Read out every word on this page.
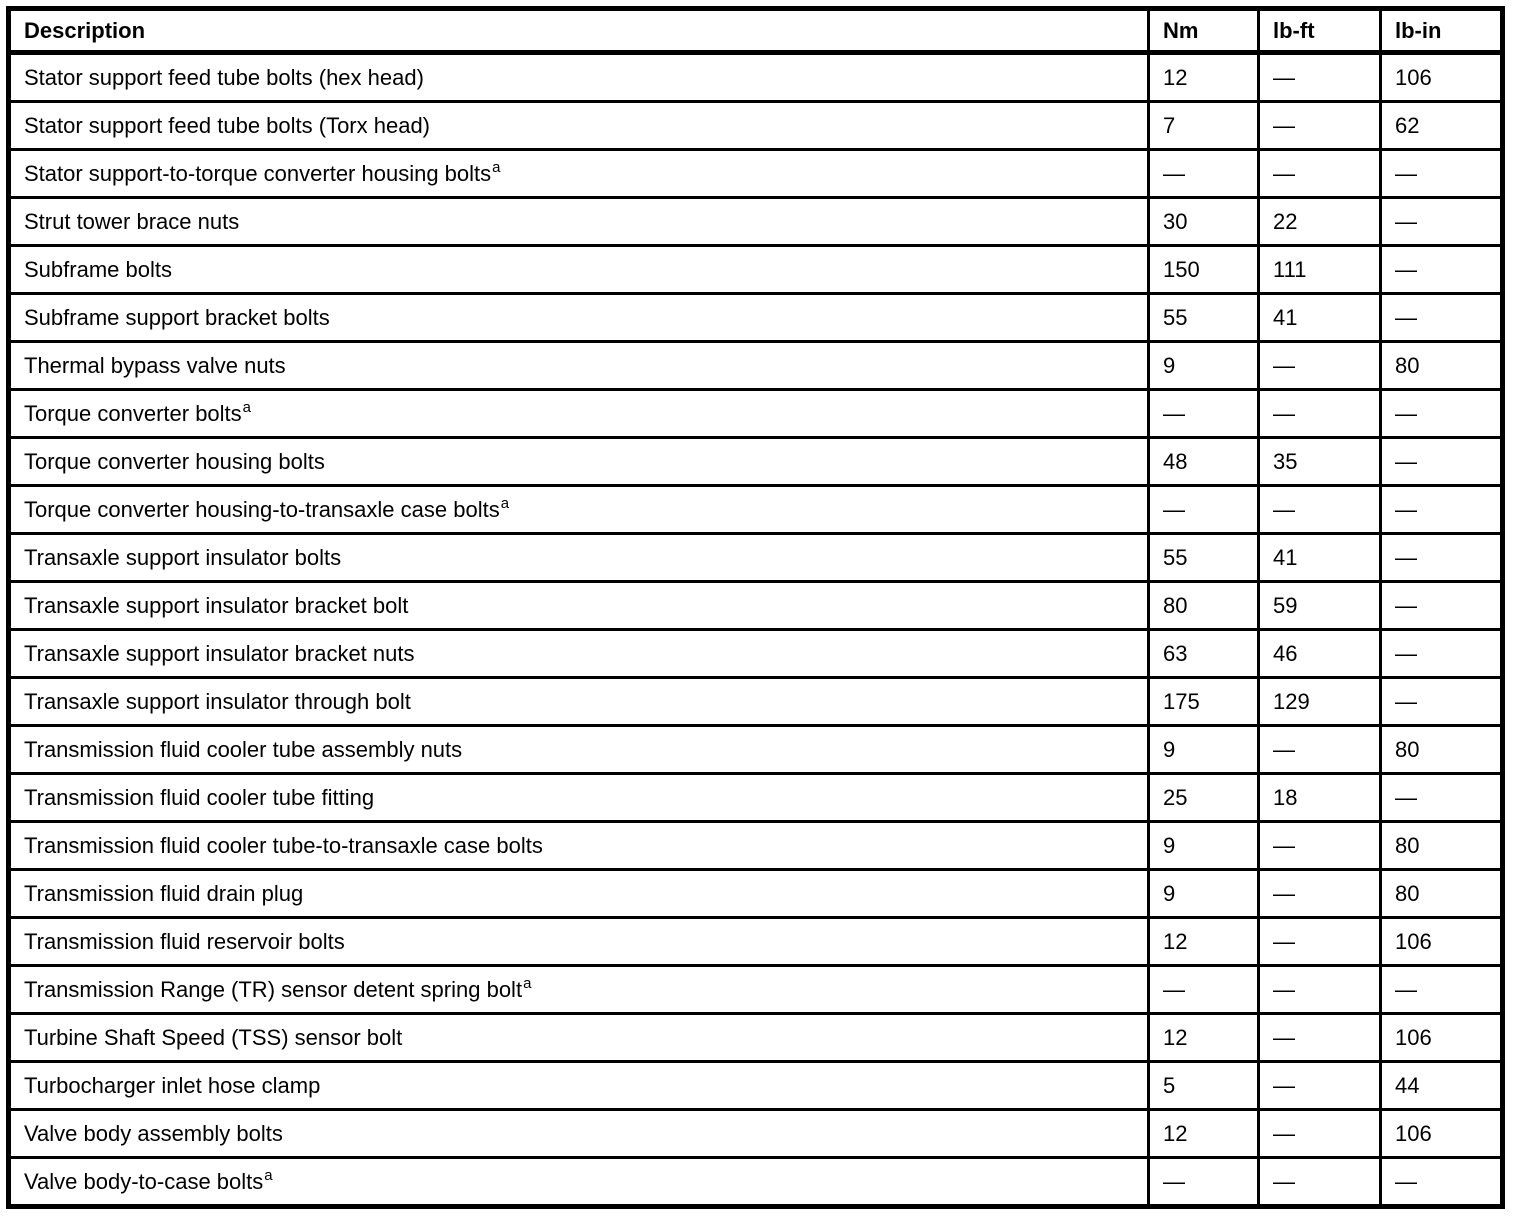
Description	Nm	lb-ft	lb-in
Stator support feed tube bolts (hex head)	12	—	106
Stator support feed tube bolts (Torx head)	7	—	62
Stator support-to-torque converter housing bolts$^a$	—	—	—
Strut tower brace nuts	30	22	—
Subframe bolts	150	111	—
Subframe support bracket bolts	55	41	—
Thermal bypass valve nuts	9	—	80
Torque converter bolts$^a$	—	—	—
Torque converter housing bolts	48	35	—
Torque converter housing-to-transaxle case bolts$^a$	—	—	—
Transaxle support insulator bolts	55	41	—
Transaxle support insulator bracket bolt	80	59	—
Transaxle support insulator bracket nuts	63	46	—
Transaxle support insulator through bolt	175	129	—
Transmission fluid cooler tube assembly nuts	9	—	80
Transmission fluid cooler tube fitting	25	18	—
Transmission fluid cooler tube-to-transaxle case bolts	9	—	80
Transmission fluid drain plug	9	—	80
Transmission fluid reservoir bolts	12	—	106
Transmission Range (TR) sensor detent spring bolt$^a$	—	—	—
Turbine Shaft Speed (TSS) sensor bolt	12	—	106
Turbocharger inlet hose clamp	5	—	44
Valve body assembly bolts	12	—	106
Valve body-to-case bolts$^a$	—	—	—
